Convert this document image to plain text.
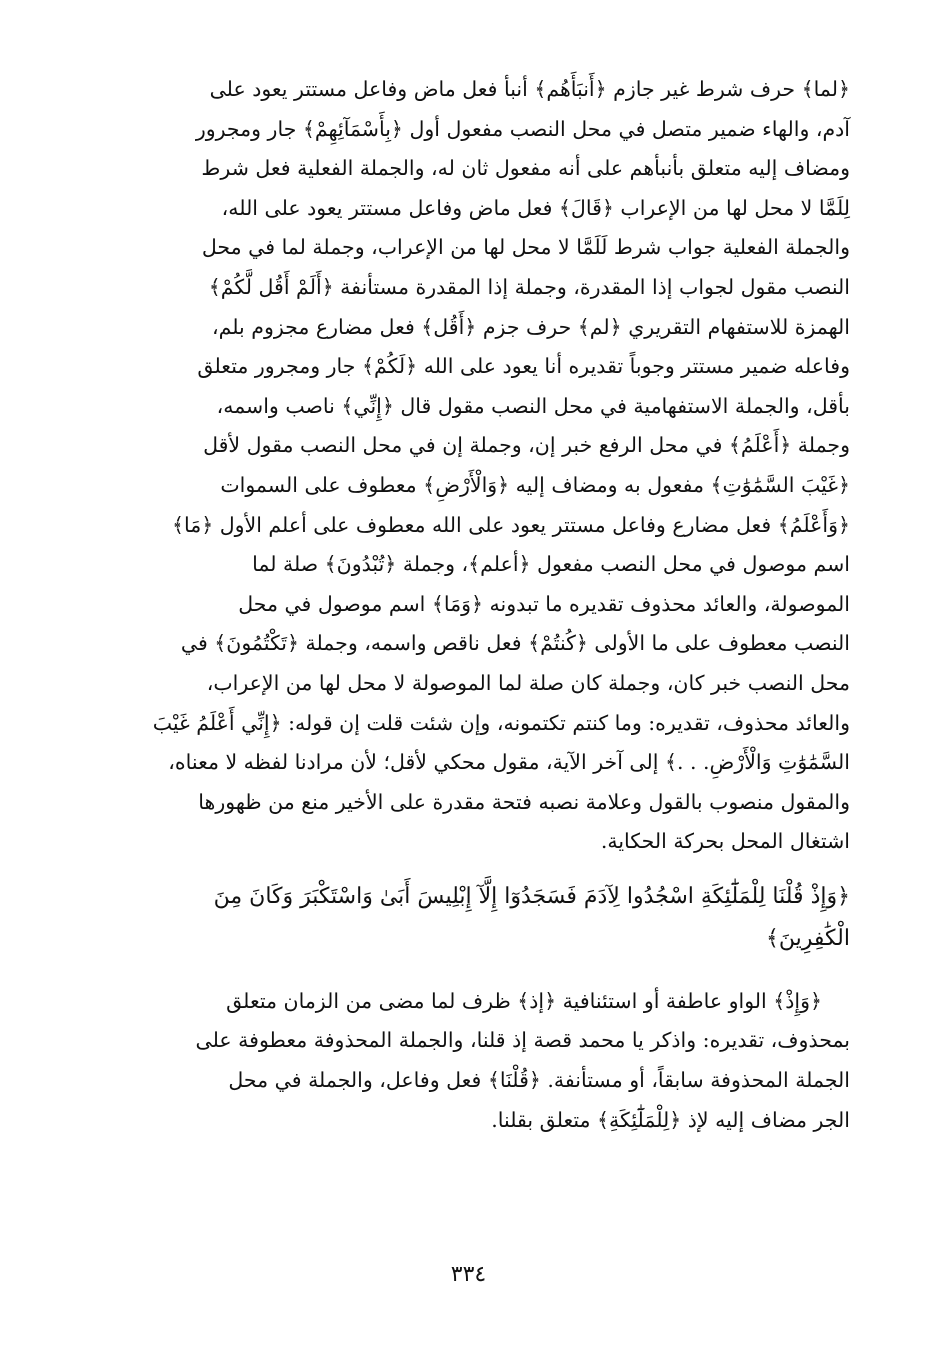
﴿لما﴾ حرف شرط غير جازم ﴿أَنبَأَهُم﴾ أنبأ فعل ماض وفاعل مستتر يعود على

آدم، والهاء ضمير متصل في محل النصب مفعول أول ﴿بِأَسْمَآئِهِمْ﴾ جار ومجرور

ومضاف إليه متعلق بأنبأهم على أنه مفعول ثان له، والجملة الفعلية فعل شرط

لِلَمَّا لا محل لها من الإعراب ﴿قَالَ﴾ فعل ماض وفاعل مستتر يعود على الله،

والجملة الفعلية جواب شرط لَلَمَّا لا محل لها من الإعراب، وجملة لما في محل

النصب مقول لجواب إذا المقدرة، وجملة إذا المقدرة مستأنفة ﴿أَلَمْ أَقُل لَّكُمْ﴾

الهمزة للاستفهام التقريري ﴿لم﴾ حرف جزم ﴿أَقُل﴾ فعل مضارع مجزوم بلم،

وفاعله ضمير مستتر وجوباً تقديره أنا يعود على الله ﴿لَكُمْ﴾ جار ومجرور متعلق

بأقل، والجملة الاستفهامية في محل النصب مقول قال ﴿إِنِّي﴾ ناصب واسمه،

وجملة ﴿أَعْلَمُ﴾ في محل الرفع خبر إن، وجملة إن في محل النصب مقول لأقل

﴿غَيْبَ السَّمَٰوَٰتِ﴾ مفعول به ومضاف إليه ﴿وَالْأَرْضِ﴾ معطوف على السموات

﴿وَأَعْلَمُ﴾ فعل مضارع وفاعل مستتر يعود على الله معطوف على أعلم الأول ﴿مَا﴾

اسم موصول في محل النصب مفعول ﴿أعلم﴾، وجملة ﴿تُبْدُونَ﴾ صلة لما

الموصولة، والعائد محذوف تقديره ما تبدونه ﴿وَمَا﴾ اسم موصول في محل

النصب معطوف على ما الأولى ﴿كُنتُمْ﴾ فعل ناقص واسمه، وجملة ﴿تَكْتُمُونَ﴾ في

محل النصب خبر كان، وجملة كان صلة لما الموصولة لا محل لها من الإعراب،

والعائد محذوف، تقديره: وما كنتم تكتمونه، وإن شئت قلت إن قوله: ﴿إِنِّي أَعْلَمُ غَيْبَ

السَّمَٰوَٰتِ وَالْأَرْضِ. . .﴾ إلى آخر الآية، مقول محكي لأقل؛ لأن مرادنا لفظه لا معناه،

والمقول منصوب بالقول وعلامة نصبه فتحة مقدرة على الأخير منع من ظهورها

اشتغال المحل بحركة الحكاية.

﴿وَإِذْ قُلْنَا لِلْمَلَٰٓئِكَةِ اسْجُدُوا لِآدَمَ فَسَجَدُوٓا إِلَّآ إِبْلِيسَ أَبَىٰ وَاسْتَكْبَرَ وَكَانَ مِنَ

الْكَٰفِرِينَ﴾

﴿وَإِذْ﴾ الواو عاطفة أو استئنافية ﴿إذ﴾ ظرف لما مضى من الزمان متعلق

بمحذوف، تقديره: واذكر يا محمد قصة إذ قلنا، والجملة المحذوفة معطوفة على

الجملة المحذوفة سابقاً، أو مستأنفة. ﴿قُلْنَا﴾ فعل وفاعل، والجملة في محل

الجر مضاف إليه لإذ ﴿لِلْمَلَٰٓئِكَةِ﴾ متعلق بقلنا.

٣٣٤
